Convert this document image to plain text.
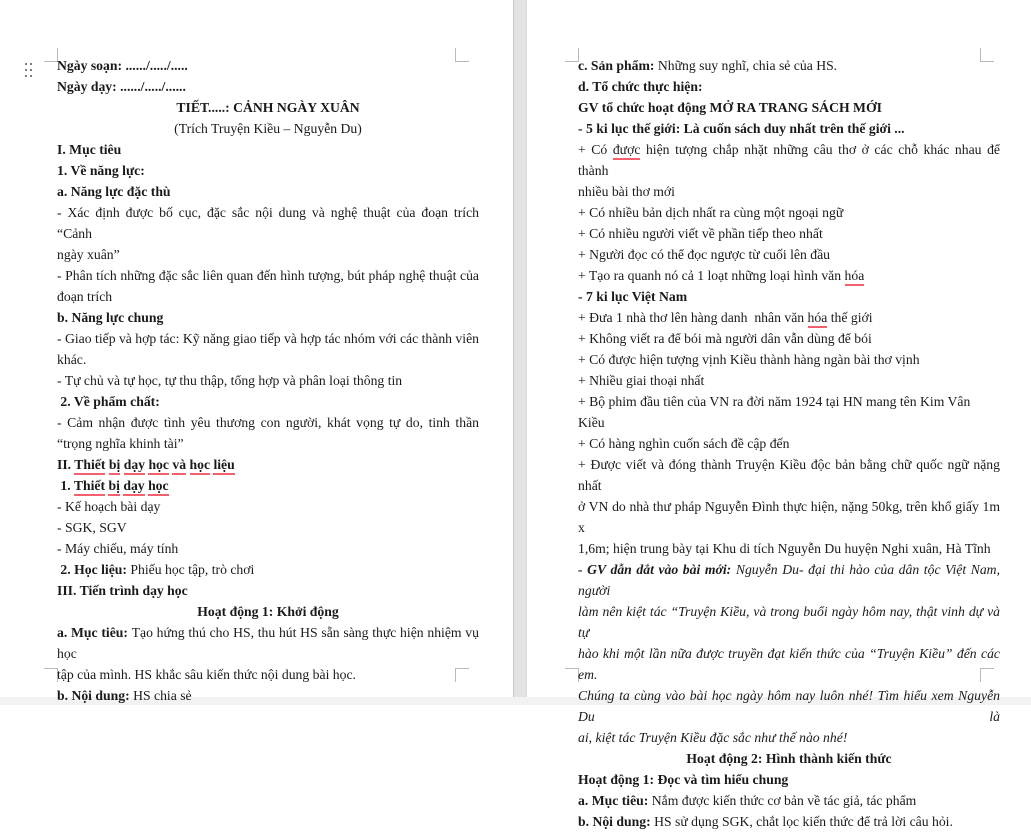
Ngày soạn: ....../...../.....
Ngày dạy: ....../...../......
TIẾT.....: CẢNH NGÀY XUÂN
(Trích Truyện Kiều – Nguyễn Du)
I. Mục tiêu
1. Về năng lực:
a. Năng lực đặc thù
- Xác định được bố cục, đặc sắc nội dung và nghệ thuật của đoạn trích “Cảnh
ngày xuân”
- Phân tích những đặc sắc liên quan đến hình tượng, bút pháp nghệ thuật của
đoạn trích
b. Năng lực chung
- Giao tiếp và hợp tác: Kỹ năng giao tiếp và hợp tác nhóm với các thành viên
khác.
- Tự chủ và tự học, tự thu thập, tổng hợp và phân loại thông tin
2. Về phẩm chất:
- Cảm nhận được tình yêu thương con người, khát vọng tự do, tinh thần
“trọng nghĩa khinh tài”
II. Thiết bị dạy học và học liệu
1. Thiết bị dạy học
- Kế hoạch bài dạy
- SGK, SGV
- Máy chiếu, máy tính
2. Học liệu: Phiếu học tập, trò chơi
III. Tiến trình dạy học
Hoạt động 1: Khởi động
a. Mục tiêu: Tạo hứng thú cho HS, thu hút HS sẵn sàng thực hiện nhiệm vụ học
tập của mình. HS khắc sâu kiến thức nội dung bài học.
b. Nội dung: HS chia sẻ
c. Sản phẩm: Những suy nghĩ, chia sẻ của HS.
d. Tổ chức thực hiện:
GV tổ chức hoạt động MỞ RA TRANG SÁCH MỚI
- 5 ki lục thế giới: Là cuốn sách duy nhất trên thế giới ...
+ Có được hiện tượng chắp nhặt những câu thơ ở các chỗ khác nhau để thành
nhiều bài thơ mới
+ Có nhiều bản dịch nhất ra cùng một ngoại ngữ
+ Có nhiều người viết về phần tiếp theo nhất
+ Người đọc có thể đọc ngược từ cuối lên đầu
+ Tạo ra quanh nó cả 1 loạt những loại hình văn hóa
- 7 ki lục Việt Nam
+ Đưa 1 nhà thơ lên hàng danh  nhân văn hóa thế giới
+ Không viết ra để bói mà người dân vẫn dùng để bói
+ Có được hiện tượng vịnh Kiều thành hàng ngàn bài thơ vịnh
+ Nhiều giai thoại nhất
+ Bộ phim đầu tiên của VN ra đời năm 1924 tại HN mang tên Kim Vân Kiều
+ Có hàng nghìn cuốn sách đề cập đến
+ Được viết và đóng thành Truyện Kiều độc bản bằng chữ quốc ngữ nặng nhất
ở VN do nhà thư pháp Nguyễn Đình thực hiện, nặng 50kg, trên khổ giấy 1m x
1,6m; hiện trung bày tại Khu di tích Nguyễn Du huyện Nghi xuân, Hà Tĩnh
- GV dẫn dắt vào bài mới: Nguyễn Du- đại thi hào của dân tộc Việt Nam, người
làm nên kiệt tác “Truyện Kiều, và trong buổi ngày hôm nay, thật vinh dự và tự
hào khi một lần nữa được truyền đạt kiến thức của “Truyện Kiều” đến các em.
Chúng ta cùng vào bài học ngày hôm nay luôn nhé! Tìm hiểu xem Nguyễn Du là
ai, kiệt tác Truyện Kiều đặc sắc như thế nào nhé!
Hoạt động 2: Hình thành kiến thức
Hoạt động 1: Đọc và tìm hiểu chung
a. Mục tiêu: Nắm được kiến thức cơ bản về tác giả, tác phẩm
b. Nội dung: HS sử dụng SGK, chắt lọc kiến thức để trả lời câu hỏi.
